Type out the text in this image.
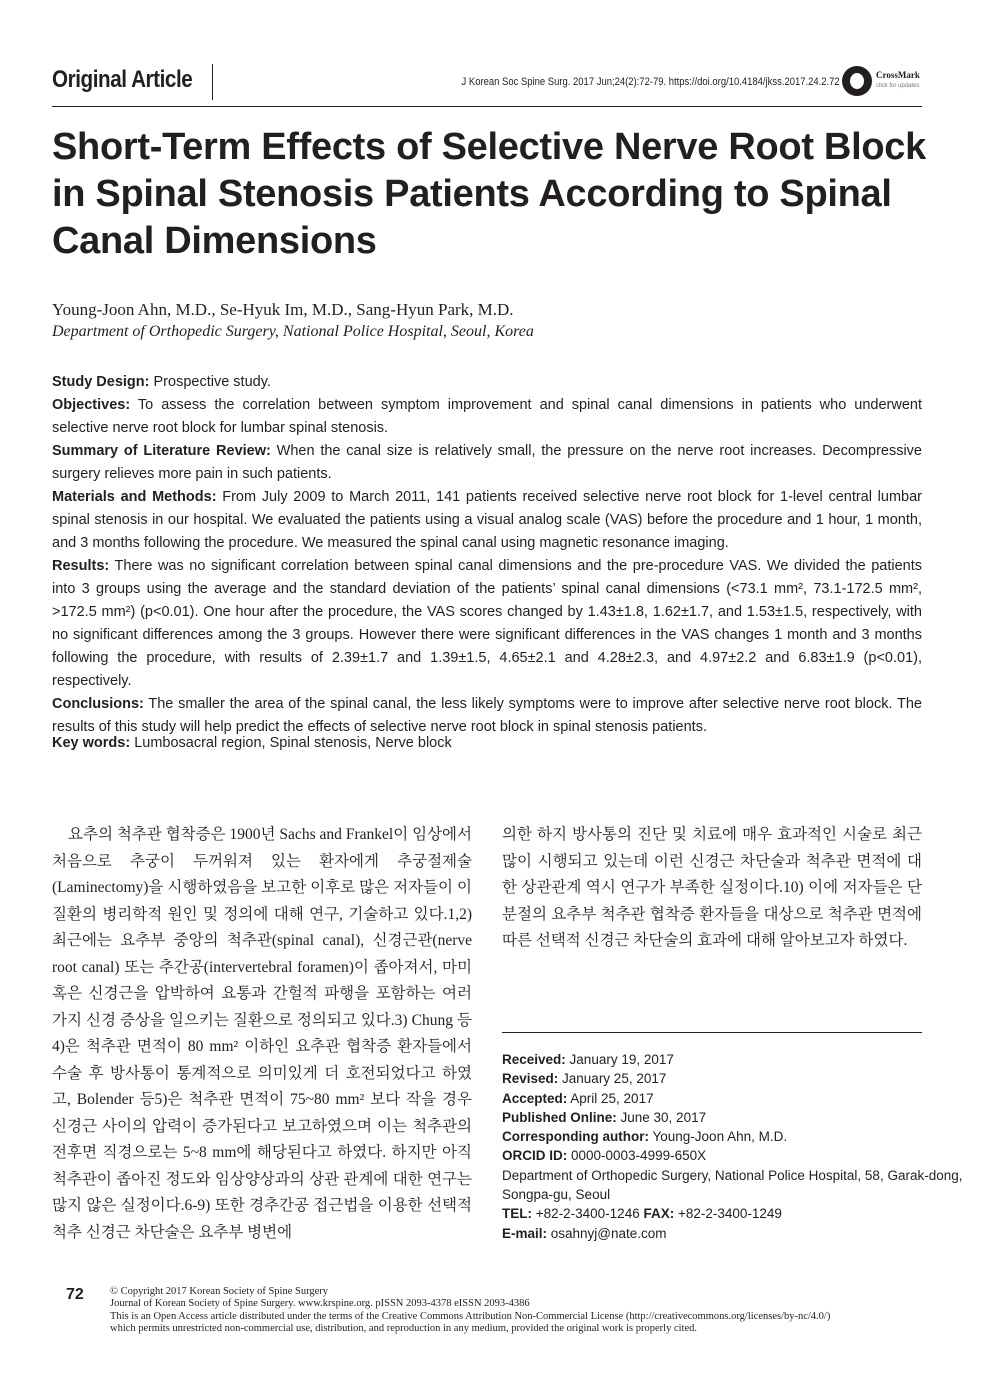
Original Article	J Korean Soc Spine Surg. 2017 Jun;24(2):72-79. https://doi.org/10.4184/jkss.2017.24.2.72
CrossMark
click for updates
Short-Term Effects of Selective Nerve Root Block in Spinal Stenosis Patients According to Spinal Canal Dimensions
Young-Joon Ahn, M.D., Se-Hyuk Im, M.D., Sang-Hyun Park, M.D.
Department of Orthopedic Surgery, National Police Hospital, Seoul, Korea

Study Design: Prospective study.

Objectives: To assess the correlation between symptom improvement and spinal canal dimensions in patients who underwent selective nerve root block for lumbar spinal stenosis.

Summary of Literature Review: When the canal size is relatively small, the pressure on the nerve root increases. Decompressive surgery relieves more pain in such patients.

Materials and Methods: From July 2009 to March 2011, 141 patients received selective nerve root block for 1-level central lumbar spinal stenosis in our hospital. We evaluated the patients using a visual analog scale (VAS) before the procedure and 1 hour, 1 month, and 3 months following the procedure. We measured the spinal canal using magnetic resonance imaging.

Results: There was no significant correlation between spinal canal dimensions and the pre-procedure VAS. We divided the patients into 3 groups using the average and the standard deviation of the patients’ spinal canal dimensions (<73.1 mm², 73.1-172.5 mm², >172.5 mm²) (p<0.01). One hour after the procedure, the VAS scores changed by 1.43±1.8, 1.62±1.7, and 1.53±1.5, respectively, with no significant differences among the 3 groups. However there were significant differences in the VAS changes 1 month and 3 months following the procedure, with results of 2.39±1.7 and 1.39±1.5, 4.65±2.1 and 4.28±2.3, and 4.97±2.2 and 6.83±1.9 (p<0.01), respectively.

Conclusions: The smaller the area of the spinal canal, the less likely symptoms were to improve after selective nerve root block. The results of this study will help predict the effects of selective nerve root block in spinal stenosis patients.

Key words: Lumbosacral region, Spinal stenosis, Nerve block

요추의 척추관 협착증은 1900년 Sachs and Frankel이 임상에서 처음으로 추궁이 두꺼워져 있는 환자에게 추궁절제술(Laminectomy)을 시행하였음을 보고한 이후로 많은 저자들이 이 질환의 병리학적 원인 및 정의에 대해 연구, 기술하고 있다.1,2) 최근에는 요추부 중앙의 척추관(spinal canal), 신경근관(nerve root canal) 또는 추간공(intervertebral foramen)이 좁아져서, 마미 혹은 신경근을 압박하여 요통과 간헐적 파행을 포함하는 여러 가지 신경 증상을 일으키는 질환으로 정의되고 있다.3) Chung 등4)은 척추관 면적이 80 mm² 이하인 요추관 협착증 환자들에서 수술 후 방사통이 통계적으로 의미있게 더 호전되었다고 하였고, Bolender 등5)은 척추관 면적이 75~80 mm² 보다 작을 경우 신경근 사이의 압력이 증가된다고 보고하였으며 이는 척추관의 전후면 직경으로는 5~8 mm에 해당된다고 하였다. 하지만 아직 척추관이 좁아진 정도와 임상양상과의 상관 관계에 대한 연구는 많지 않은 실정이다.6-9) 또한 경추간공 접근법을 이용한 선택적 척추 신경근 차단술은 요추부 병변에

의한 하지 방사통의 진단 및 치료에 매우 효과적인 시술로 최근 많이 시행되고 있는데 이런 신경근 차단술과 척추관 면적에 대한 상관관계 역시 연구가 부족한 실정이다.10) 이에 저자들은 단분절의 요추부 척추관 협착증 환자들을 대상으로 척추관 면적에 따른 선택적 신경근 차단술의 효과에 대해 알아보고자 하였다.

Received: January 19, 2017
Revised: January 25, 2017
Accepted: April 25, 2017
Published Online: June 30, 2017
Corresponding author: Young-Joon Ahn, M.D.
ORCID ID: 0000-0003-4999-650X
Department of Orthopedic Surgery, National Police Hospital, 58, Garak-dong,
Songpa-gu, Seoul
TEL: +82-2-3400-1246 FAX: +82-2-3400-1249
E-mail: osahnyj@nate.com
72 © Copyright 2017 Korean Society of Spine Surgery
Journal of Korean Society of Spine Surgery. www.krspine.org. pISSN 2093-4378 eISSN 2093-4386
This is an Open Access article distributed under the terms of the Creative Commons Attribution Non-Commercial License (http://creativecommons.org/licenses/by-nc/4.0/)
which permits unrestricted non-commercial use, distribution, and reproduction in any medium, provided the original work is properly cited.
